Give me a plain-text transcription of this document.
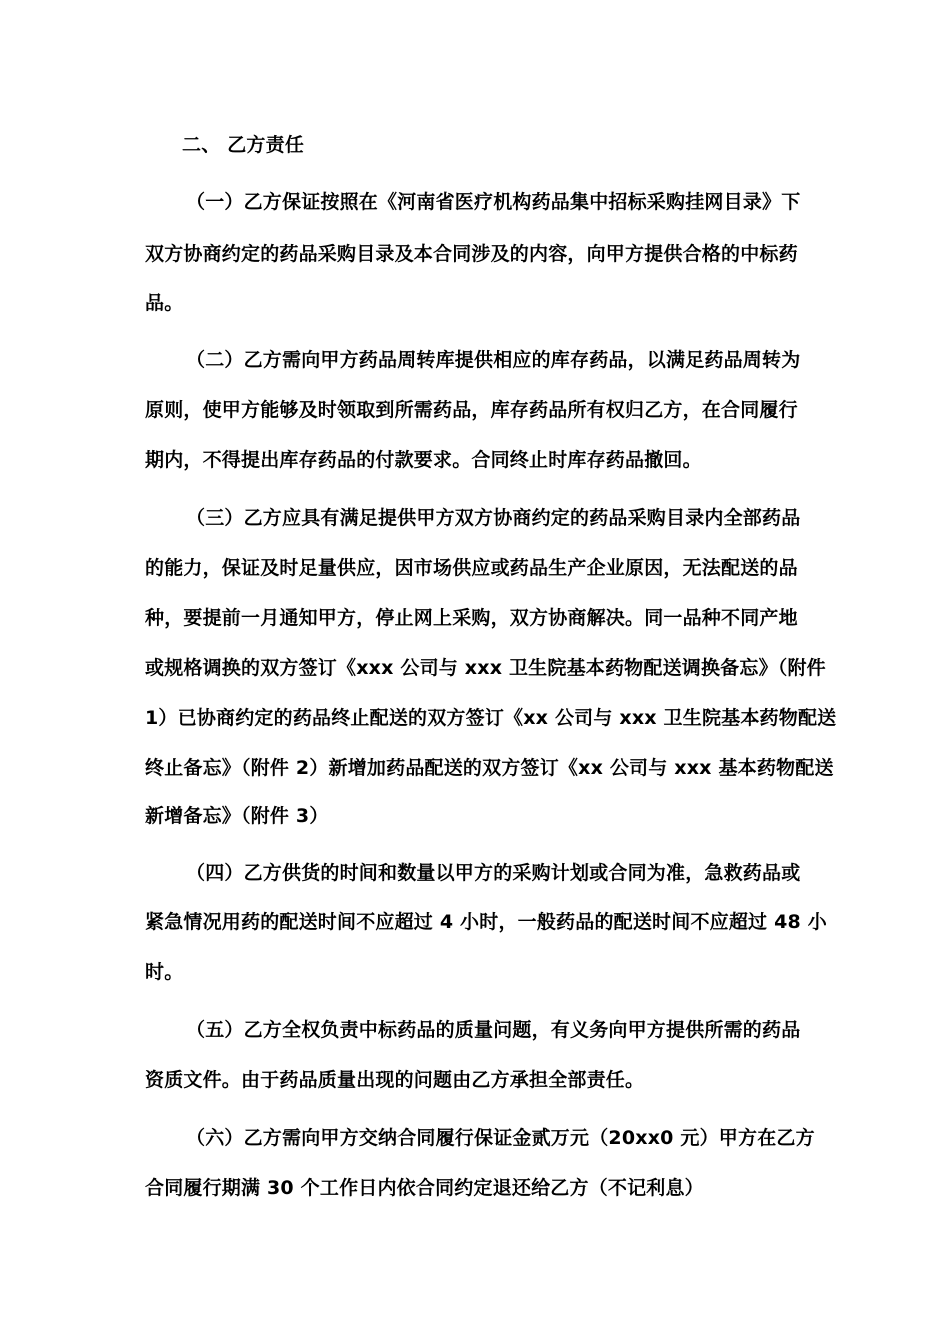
二、 乙方责任
（一）乙方保证按照在《河南省医疗机构药品集中招标采购挂网目录》下
双方协商约定的药品采购目录及本合同涉及的内容，向甲方提供合格的中标药
品。
（二）乙方需向甲方药品周转库提供相应的库存药品，以满足药品周转为
原则，使甲方能够及时领取到所需药品，库存药品所有权归乙方，在合同履行
期内，不得提出库存药品的付款要求。合同终止时库存药品撤回。
（三）乙方应具有满足提供甲方双方协商约定的药品采购目录内全部药品
的能力，保证及时足量供应，因市场供应或药品生产企业原因，无法配送的品
种，要提前一月通知甲方，停止网上采购，双方协商解决。同一品种不同产地
或规格调换的双方签订《xxx 公司与 xxx 卫生院基本药物配送调换备忘》（附件
1）已协商约定的药品终止配送的双方签订《xx 公司与 xxx 卫生院基本药物配送
终止备忘》（附件 2）新增加药品配送的双方签订《xx 公司与 xxx 基本药物配送
新增备忘》（附件 3）
（四）乙方供货的时间和数量以甲方的采购计划或合同为准，急救药品或
紧急情况用药的配送时间不应超过 4 小时，一般药品的配送时间不应超过 48 小
时。
（五）乙方全权负责中标药品的质量问题，有义务向甲方提供所需的药品
资质文件。由于药品质量出现的问题由乙方承担全部责任。
（六）乙方需向甲方交纳合同履行保证金贰万元（20xx0 元）甲方在乙方
合同履行期满 30 个工作日内依合同约定退还给乙方（不记利息）
